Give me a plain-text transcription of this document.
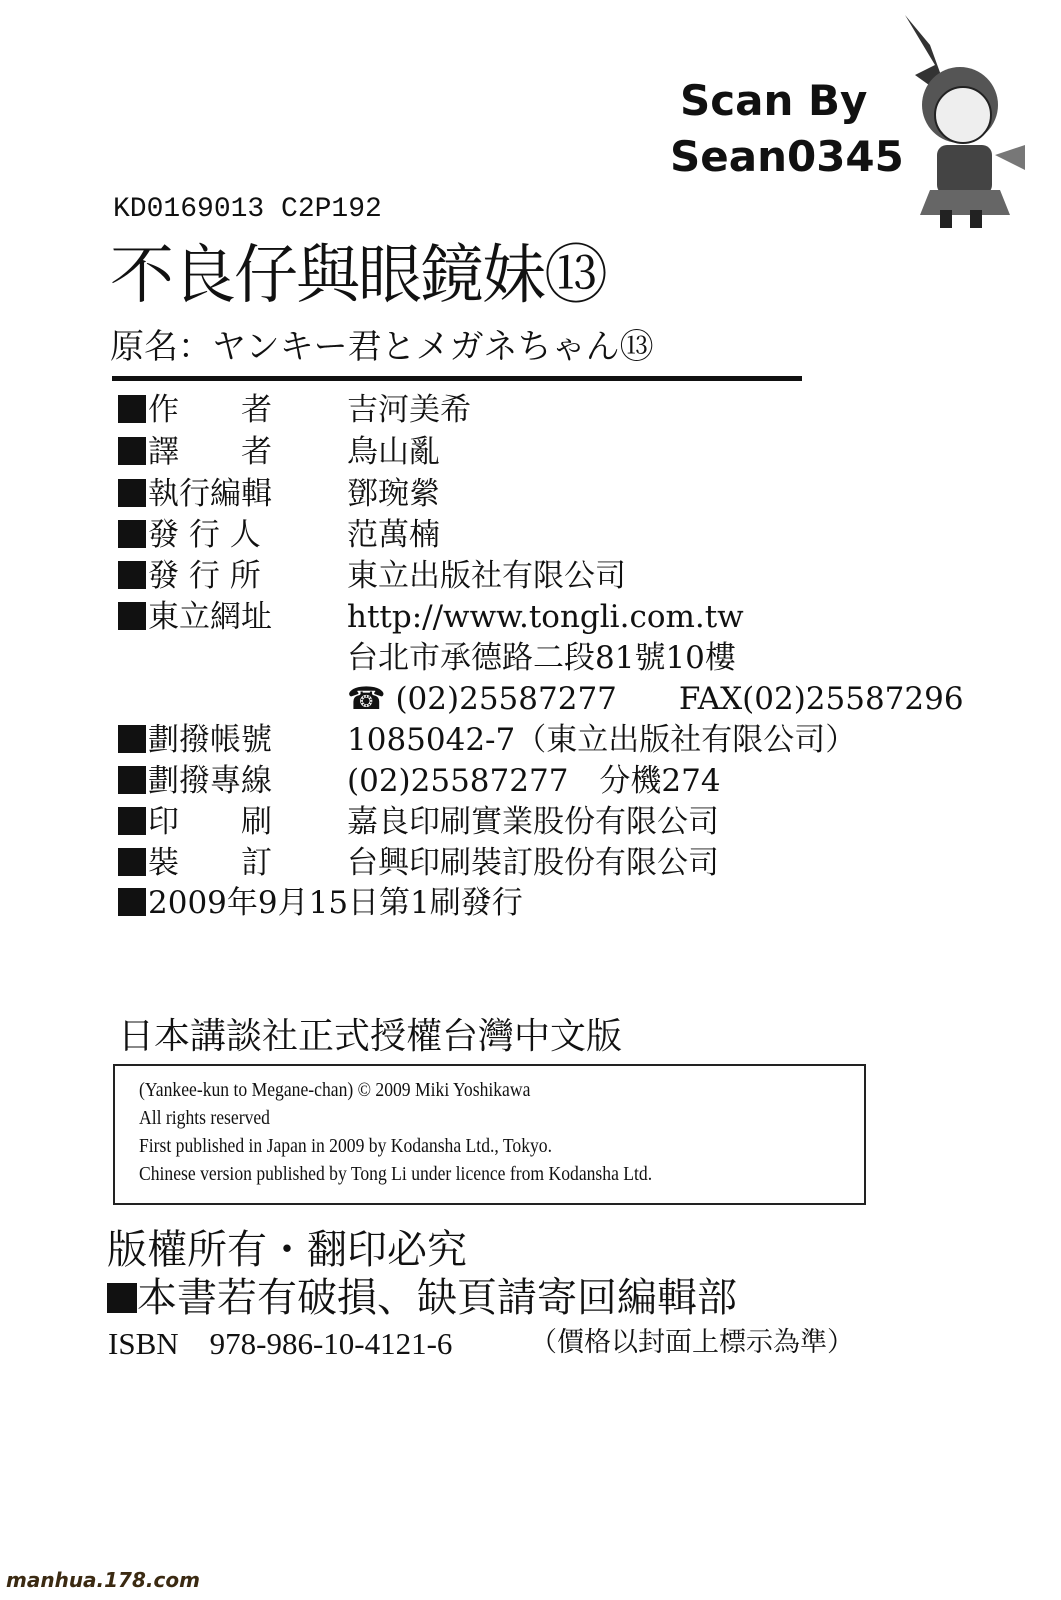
Scan By
Sean0345
KD0169013 C2P192
不良仔與眼鏡妹⑬
原名：ヤンキー君とメガネちゃん⑬
作　　者 吉河美希
譯　　者 鳥山亂
執行編輯 鄧琬縈
發 行 人	范萬楠
發 行 所	東立出版社有限公司
東立網址 http://www.tongli.com.tw
台北市承德路二段81號10樓
☎ (02)25587277　　FAX(02)25587296
劃撥帳號 1085042-7（東立出版社有限公司）
劃撥專線 (02)25587277　分機274
印　　刷 嘉良印刷實業股份有限公司
裝　　訂 台興印刷裝訂股份有限公司
2009年9月15日第1刷發行
日本講談社正式授權台灣中文版
(Yankee-kun to Megane-chan) © 2009 Miki Yoshikawa
All rights reserved
First published in Japan in 2009 by Kodansha Ltd., Tokyo.
Chinese version published by Tong Li under licence from Kodansha Ltd.
版權所有・翻印必究
本書若有破損、缺頁請寄回編輯部
ISBN　978-986-10-4121-6	（價格以封面上標示為準）
manhua.178.com
